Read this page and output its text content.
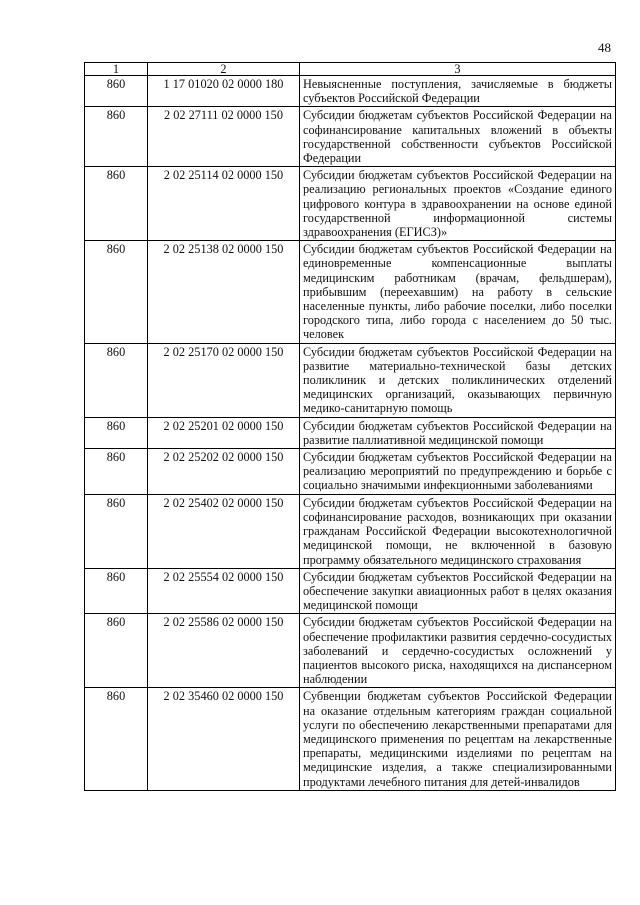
48
1	2	3
860	1 17 01020 02 0000 180	Невыясненные поступления, зачисляемые в бюджеты субъектов Российской Федерации
860	2 02 27111 02 0000 150	Субсидии бюджетам субъектов Российской Федерации на софинансирование капитальных вложений в объекты государственной собственности субъектов Российской Федерации
860	2 02 25114 02 0000 150	Субсидии бюджетам субъектов Российской Федерации на реализацию региональных проектов «Создание единого цифрового контура в здравоохранении на основе единой государственной информационной системы здравоохранения (ЕГИСЗ)»
860	2 02 25138 02 0000 150	Субсидии бюджетам субъектов Российской Федерации на единовременные компенсационные выплаты медицинским работникам (врачам, фельдшерам), прибывшим (переехавшим) на работу в сельские населенные пункты, либо рабочие поселки, либо поселки городского типа, либо города с населением до 50 тыс. человек
860	2 02 25170 02 0000 150	Субсидии бюджетам субъектов Российской Федерации на развитие материально-технической базы детских поликлиник и детских поликлинических отделений медицинских организаций, оказывающих первичную медико-санитарную помощь
860	2 02 25201 02 0000 150	Субсидии бюджетам субъектов Российской Федерации на развитие паллиативной медицинской помощи
860	2 02 25202 02 0000 150	Субсидии бюджетам субъектов Российской Федерации на реализацию мероприятий по предупреждению и борьбе с социально значимыми инфекционными заболеваниями
860	2 02 25402 02 0000 150	Субсидии бюджетам субъектов Российской Федерации на софинансирование расходов, возникающих при оказании гражданам Российской Федерации высокотехнологичной медицинской помощи, не включенной в базовую программу обязательного медицинского страхования
860	2 02 25554 02 0000 150	Субсидии бюджетам субъектов Российской Федерации на обеспечение закупки авиационных работ в целях оказания медицинской помощи
860	2 02 25586 02 0000 150	Субсидии бюджетам субъектов Российской Федерации на обеспечение профилактики развития сердечно-сосудистых заболеваний и сердечно-сосудистых осложнений у пациентов высокого риска, находящихся на диспансерном наблюдении
860	2 02 35460 02 0000 150	Субвенции бюджетам субъектов Российской Федерации на оказание отдельным категориям граждан социальной услуги по обеспечению лекарственными препаратами для медицинского применения по рецептам на лекарственные препараты, медицинскими изделиями по рецептам на медицинские изделия, а также специализированными продуктами лечебного питания для детей-инвалидов
